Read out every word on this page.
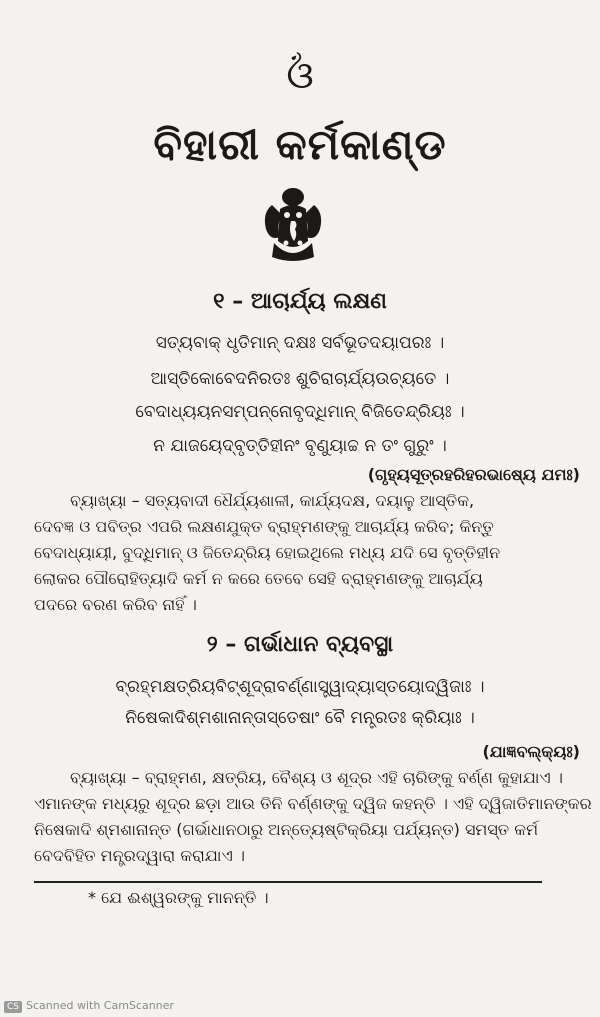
ଓଁ
ବିହାରୀ କର୍ମକାଣ୍ଡ
୧ – ଆଚାର୍ଯ୍ୟ ଲକ୍ଷଣ
ସତ୍ୟବାକ୍ ଧୃତିମାନ୍ ଦକ୍ଷଃ ସର୍ବଭୂତଦୟାପରଃ ।
ଆସ୍ତିକୋବେଦନିରତଃ ଶୁଚିରାଚାର୍ଯ୍ୟଉଚ୍ୟତେ ।
ବେଦାଧ୍ୟୟନସମ୍ପନ୍ନୋବୃଦ୍ଧିମାନ୍ ବିଜିତେନ୍ଦ୍ରିୟଃ ।
ନ ଯାଜୟେଦ୍ବୃତ୍ତିହୀନଂ ବୃଣୁୟାଚ୍ଚ ନ ତଂ ଗୁରୁଂ ।
(ଗୃହ୍ୟସୂତ୍ରହରିହରଭାଷ୍ୟେ ଯମଃ)

ବ୍ୟାଖ୍ୟା – ସତ୍ୟବାଦୀ ଧୈର୍ଯ୍ୟଶାଳୀ, କାର୍ଯ୍ୟଦକ୍ଷ, ଦୟାଳୁ ଆସ୍ତିକ,

ଦେବଜ୍ଞ ଓ ପବିତ୍ର ଏପରି ଲକ୍ଷଣଯୁକ୍ତ ବ୍ରାହ୍ମଣଙ୍କୁ ଆଚାର୍ଯ୍ୟ କରିବ; କିନ୍ତୁ

ବେଦାଧ୍ୟାୟୀ, ବୁଦ୍ଧିମାନ୍ ଓ ଜିତେନ୍ଦ୍ରିୟ ହୋଇଥିଲେ ମଧ୍ୟ ଯଦି ସେ ବୃତ୍ତିହୀନ

ଲୋକର ପୌରୋହିତ୍ୟାଦି କର୍ମ ନ କରେ ତେବେ ସେହି ବ୍ରାହ୍ମଣଙ୍କୁ ଆଚାର୍ଯ୍ୟ

ପଦରେ ବରଣ କରିବ ନାହିଁ ।

୨ – ଗର୍ଭାଧାନ ବ୍ୟବସ୍ଥା
ବ୍ରହ୍ମକ୍ଷତ୍ରିୟବିଟ୍ଶୂଦ୍ରାବର୍ଣ୍ଣାସ୍ତ୍ୱାଦ୍ୟାସ୍ତୟୋଦ୍ୱିଜାଃ ।
ନିଷେକାଦିଶ୍ମଶାନାନ୍ତାସ୍ତେଷାଂ ବୈ ମନ୍ତ୍ରତଃ କ୍ରିୟାଃ ।
(ଯାଜ୍ଞବଲ୍କ୍ୟଃ)

ବ୍ୟାଖ୍ୟା – ବ୍ରାହ୍ମଣ, କ୍ଷତ୍ରିୟ, ବୈଶ୍ୟ ଓ ଶୂଦ୍ର ଏହି ଚାରିଙ୍କୁ ବର୍ଣ୍ଣ କୁହାଯାଏ ।

ଏମାନଙ୍କ ମଧ୍ୟରୁ ଶୂଦ୍ର ଛଡ଼ା ଆଉ ତିନି ବର୍ଣ୍ଣଙ୍କୁ ଦ୍ୱିଜ କହନ୍ତି । ଏହି ଦ୍ୱିଜାତିମାନଙ୍କର

ନିଷେକାଦି ଶ୍ମଶାନାନ୍ତ (ଗର୍ଭାଧାନଠାରୁ ଅନ୍ତ୍ୟେଷ୍ଟିକ୍ରିୟା ପର୍ଯ୍ୟନ୍ତ) ସମସ୍ତ କର୍ମ

ବେଦବିହିତ ମନ୍ତ୍ରଦ୍ୱାରା କରାଯାଏ ।

* ଯେ ଈଶ୍ୱରଙ୍କୁ ମାନନ୍ତି ।
CS Scanned with CamScanner
